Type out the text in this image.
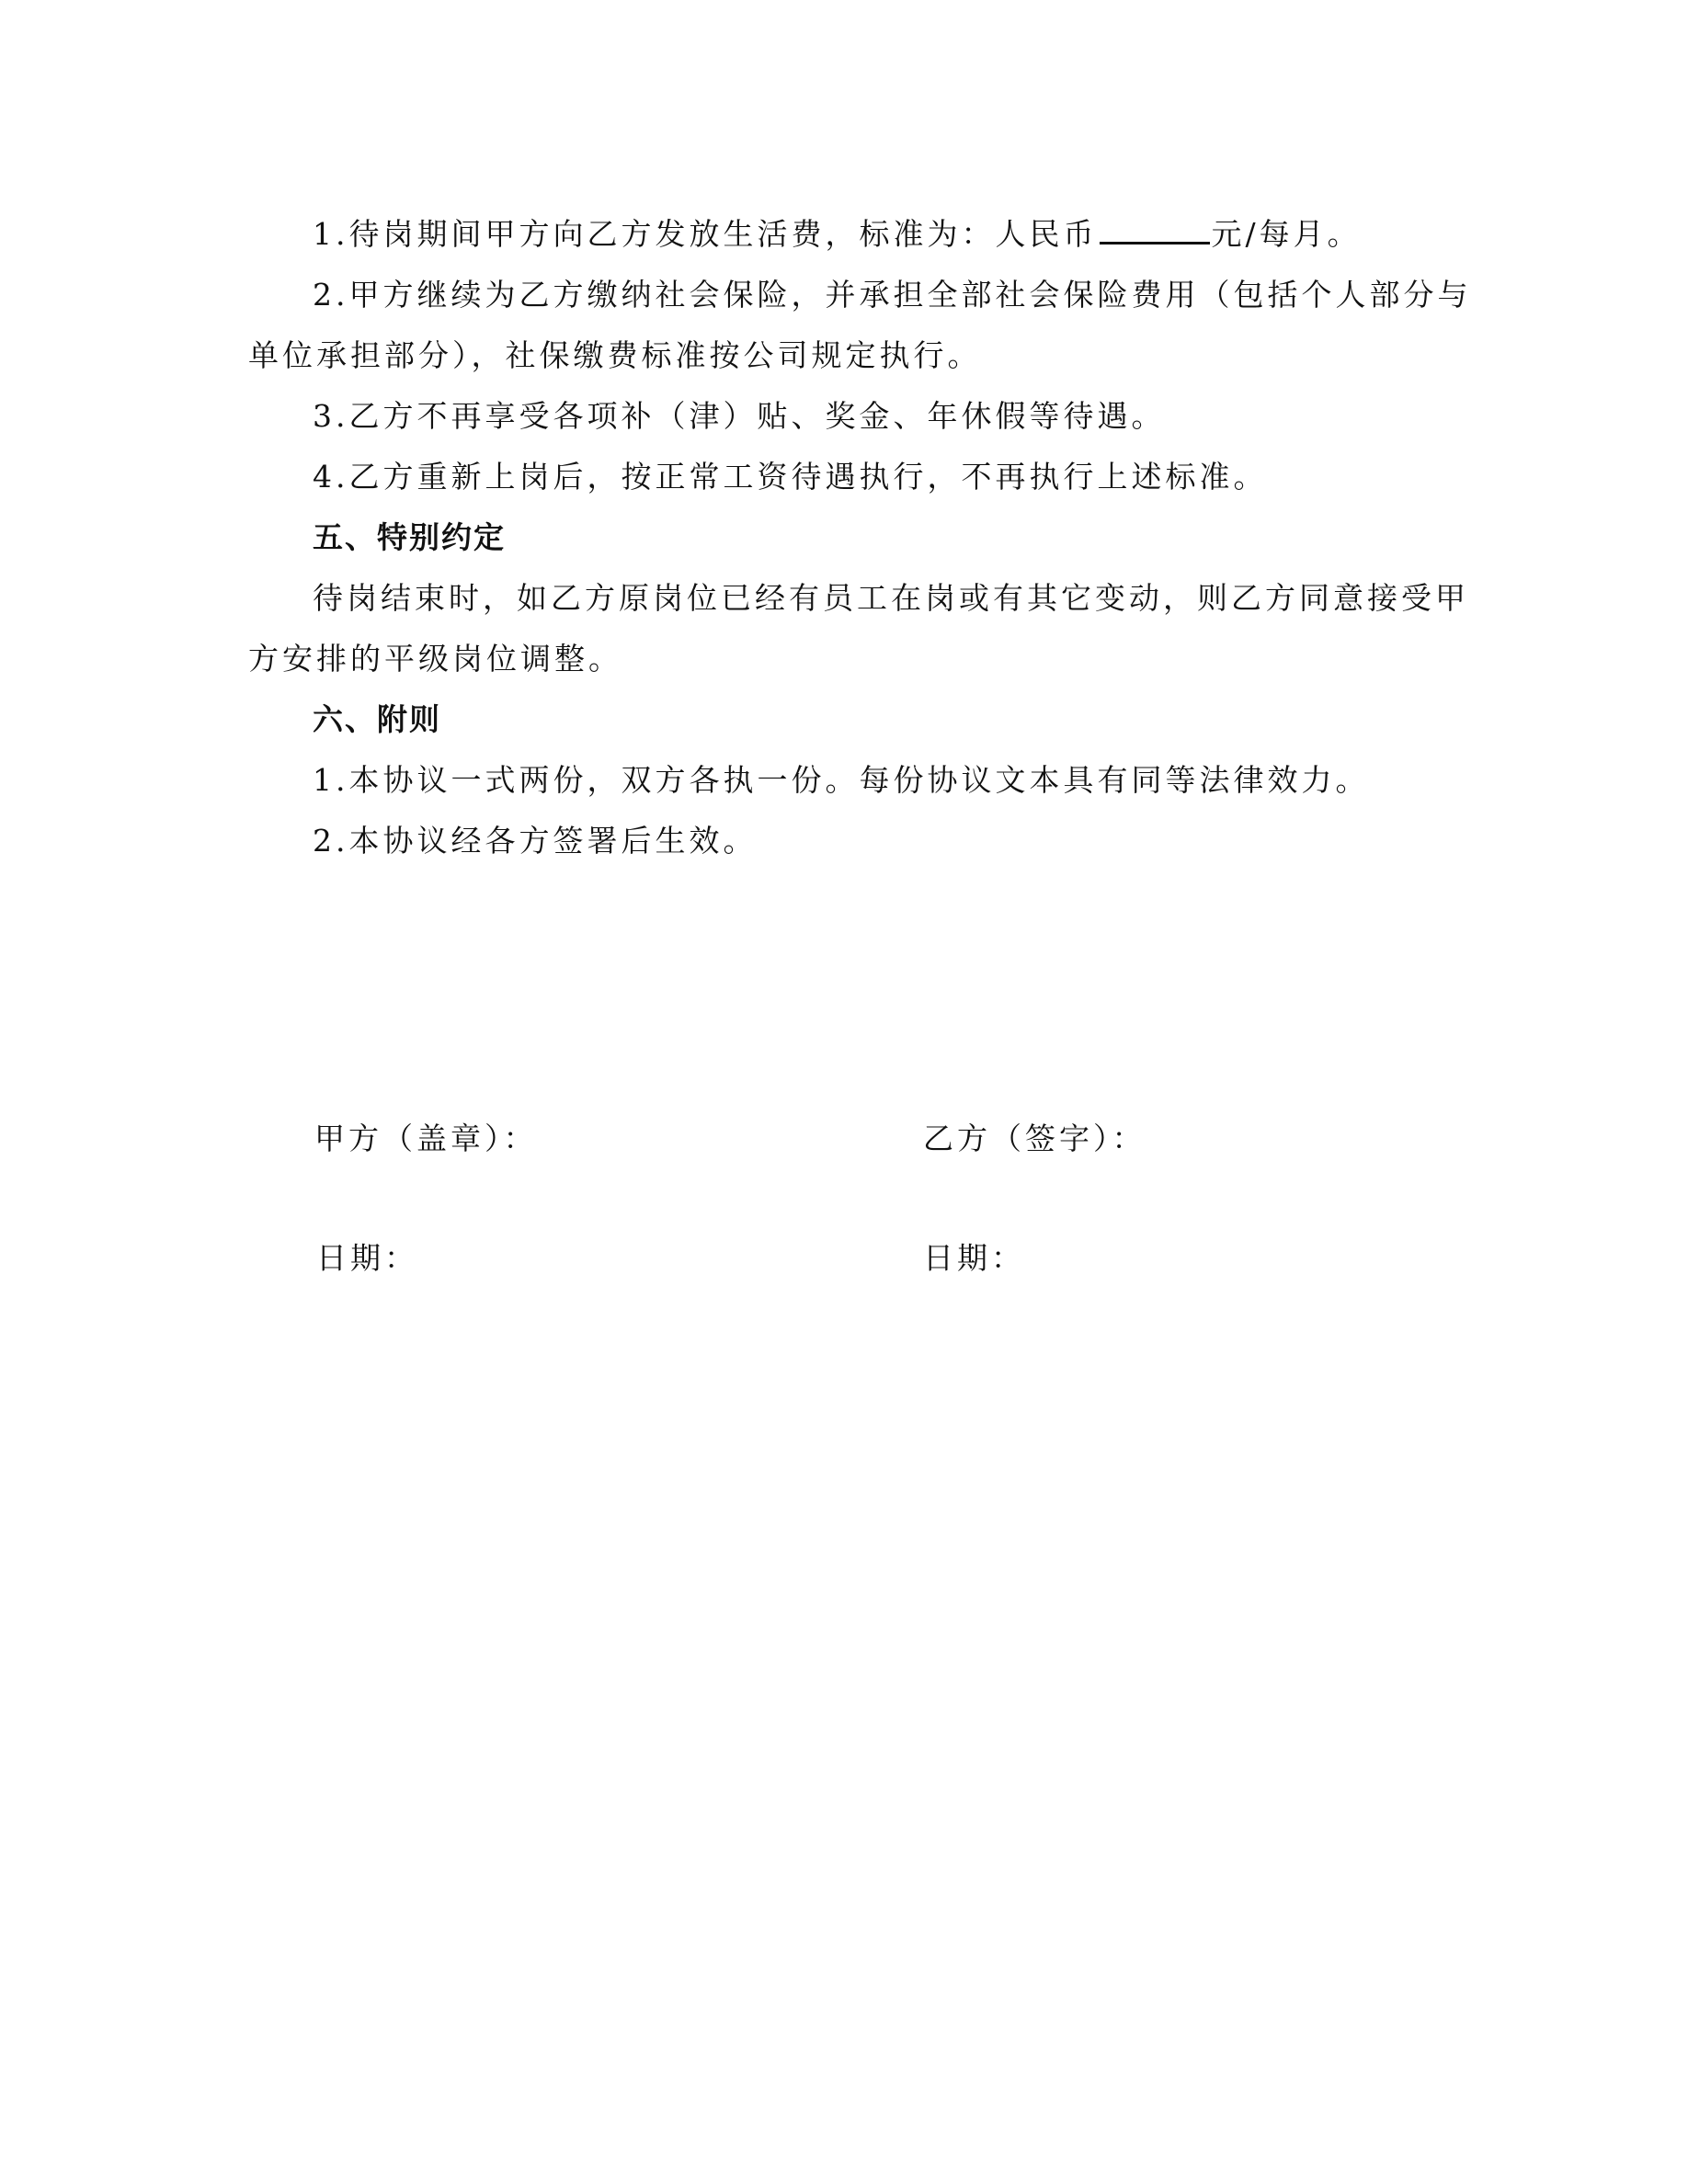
1.待岗期间甲方向乙方发放生活费，标准为：人民币	元/每月。
2.甲方继续为乙方缴纳社会保险，并承担全部社会保险费用（包括个人部分与
单位承担部分），社保缴费标准按公司规定执行。
3.乙方不再享受各项补（津）贴、奖金、年休假等待遇。
4.乙方重新上岗后，按正常工资待遇执行，不再执行上述标准。
五、特别约定
待岗结束时，如乙方原岗位已经有员工在岗或有其它变动，则乙方同意接受甲
方安排的平级岗位调整。
六、附则
1.本协议一式两份，双方各执一份。每份协议文本具有同等法律效力。
2.本协议经各方签署后生效。
甲方（盖章）：	乙方（签字）：
日期：	日期：
